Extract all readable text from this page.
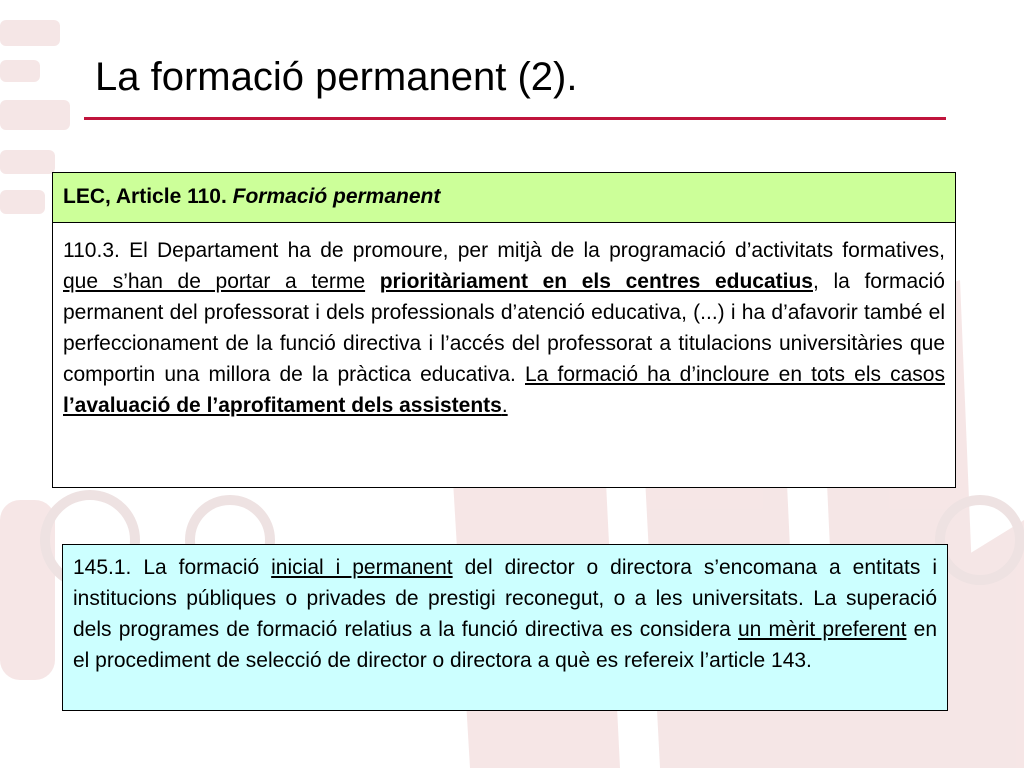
La formació permanent (2).
LEC, Article 110. Formació permanent
110.3. El Departament ha de promoure, per mitjà de la programació d’activitats formatives, que s’han de portar a terme prioritàriament en els centres educatius, la formació permanent del professorat i dels professionals d’atenció educativa, (...) i ha d’afavorir també el perfeccionament de la funció directiva i l’accés del professorat a titulacions universitàries que comportin una millora de la pràctica educativa. La formació ha d’incloure en tots els casos l’avaluació de l’aprofitament dels assistents.
145.1. La formació inicial i permanent del director o directora s’encomana a entitats i institucions públiques o privades de prestigi reconegut, o a les universitats. La superació dels programes de formació relatius a la funció directiva es considera un mèrit preferent en el procediment de selecció de director o directora a què es refereix l’article 143.
